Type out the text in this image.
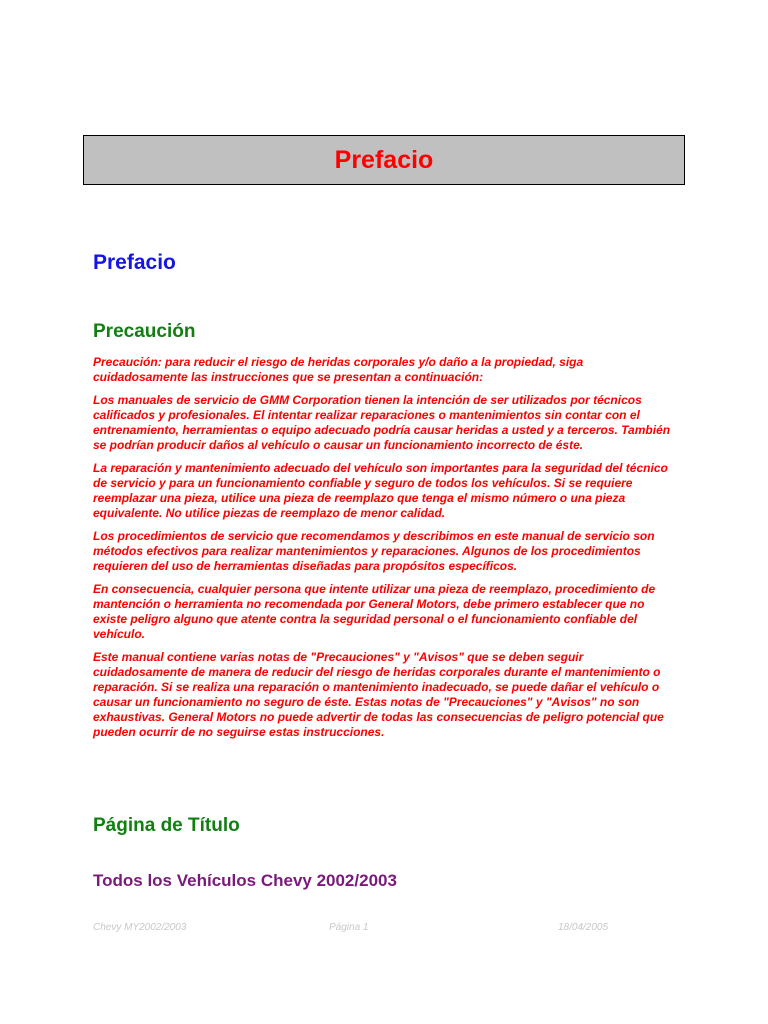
Prefacio
Prefacio
Precaución

Precaución: para reducir el riesgo de heridas corporales y/o daño a la propiedad, siga cuidadosamente las instrucciones que se presentan a continuación:

Los manuales de servicio de GMM Corporation tienen la intención de ser utilizados por técnicos calificados y profesionales. El intentar realizar reparaciones o mantenimientos sin contar con el entrenamiento, herramientas o equipo adecuado podría causar heridas a usted y a terceros. También se podrían producir daños al vehículo o causar un funcionamiento incorrecto de éste.

La reparación y mantenimiento adecuado del vehículo son importantes para la seguridad del técnico de servicio y para un funcionamiento confiable y seguro de todos los vehículos. Si se requiere reemplazar una pieza, utilice una pieza de reemplazo que tenga el mismo número o una pieza equivalente. No utilice piezas de reemplazo de menor calidad.

Los procedimientos de servicio que recomendamos y describimos en este manual de servicio son métodos efectivos para realizar mantenimientos y reparaciones. Algunos de los procedimientos requieren del uso de herramientas diseñadas para propósitos específicos.

En consecuencia, cualquier persona que intente utilizar una pieza de reemplazo, procedimiento de mantención o herramienta no recomendada por General Motors, debe primero establecer que no existe peligro alguno que atente contra la seguridad personal o el funcionamiento confiable del vehículo.

Este manual contiene varias notas de "Precauciones" y "Avisos" que se deben seguir cuidadosamente de manera de reducir del riesgo de heridas corporales durante el mantenimiento o reparación. Si se realiza una reparación o mantenimiento inadecuado, se puede dañar el vehículo o causar un funcionamiento no seguro de éste. Estas notas de "Precauciones" y "Avisos" no son exhaustivas. General Motors no puede advertir de todas las consecuencias de peligro potencial que pueden ocurrir de no seguirse estas instrucciones.

Página de Título
Todos los Vehículos Chevy 2002/2003
Chevy MY2002/2003	Página 1	18/04/2005
